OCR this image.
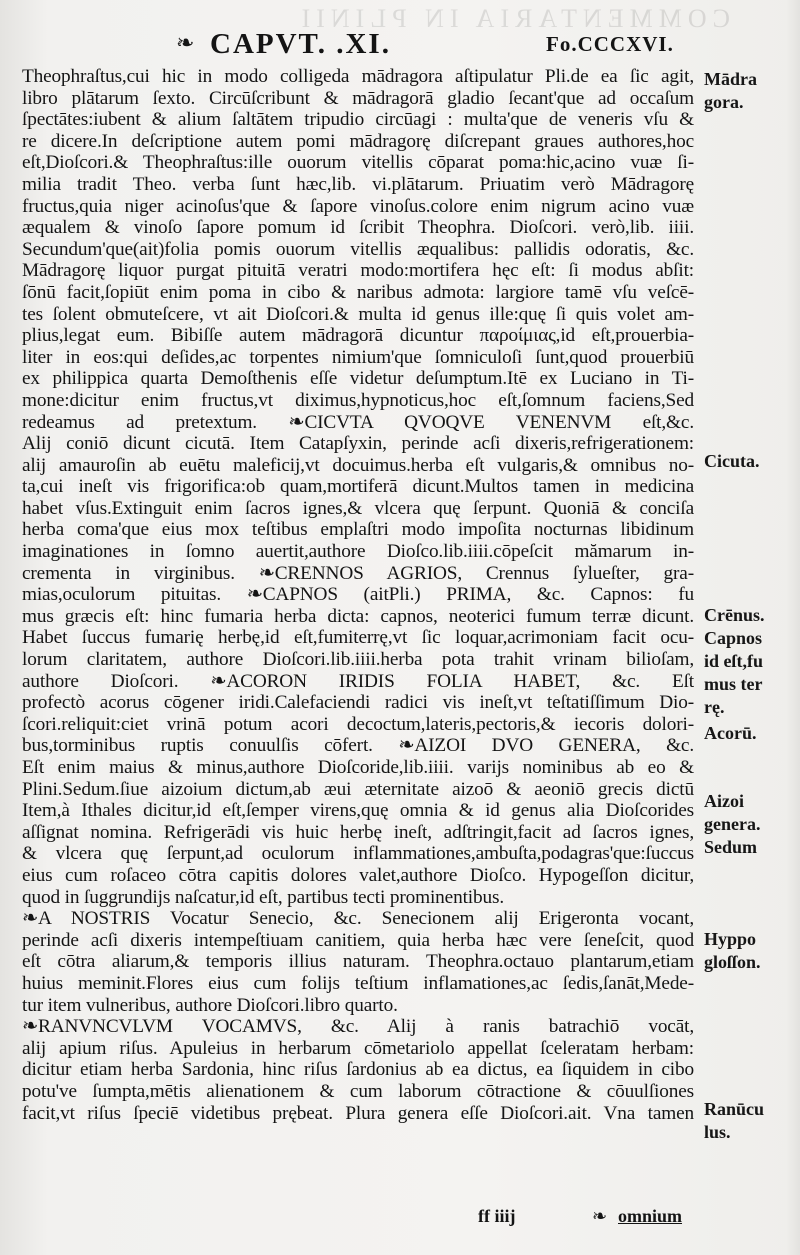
COMMENTARIA IN PLINII
❧ CAPVT. .XI.	Fo.CCCXVI.
Theophraſtus,cui hic in modo colligeda mādragora aſtipulatur Pli.de ea ſic agit,
libro plātarum ſexto. Circūſcribunt & mādragorā gladio ſecant'que ad occaſum
ſpectātes:iubent & alium ſaltātem tripudio circūagi : multa'que de veneris vſu &
re dicere.In deſcriptione autem pomi mādragorę diſcrepant graues authores,hoc
eſt,Dioſcori.& Theophraſtus:ille ouorum vitellis cōparat poma:hic,acino vuæ ſi-
milia tradit Theo. verba ſunt hæc,lib. vi.plātarum. Priuatim verò Mādragorę
fructus,quia niger acinoſus'que & ſapore vinoſus.colore enim nigrum acino vuæ
æqualem & vinoſo ſapore pomum id ſcribit Theophra. Dioſcori. verò,lib. iiii.
Secundum'que(ait)folia pomis ouorum vitellis æqualibus: pallidis odoratis, &c.
Mādragorę liquor purgat pituitā veratri modo:mortifera hęc eſt: ſi modus abſit:
ſōnū facit,ſopiūt enim poma in cibo & naribus admota: largiore tamē vſu veſcē-
tes ſolent obmuteſcere, vt ait Dioſcori.& multa id genus ille:quę ſi quis volet am-
plius,legat eum. Bibiſſe autem mādragorā dicuntur παροίμιας,id eſt,prouerbia-
liter in eos:qui deſides,ac torpentes nimium'que ſomniculoſi ſunt,quod prouerbiū
ex philippica quarta Demoſthenis eſſe videtur deſumptum.Itē ex Luciano in Ti-
mone:dicitur enim fructus,vt diximus,hypnoticus,hoc eſt,ſomnum faciens,Sed
redeamus ad pretextum. ❧CICVTA QVOQVE VENENVM eſt,&c.
Alij coniō dicunt cicutā. Item Catapſyxin, perinde acſi dixeris,refrigerationem:
alij amauroſin ab euētu maleficij,vt docuimus.herba eſt vulgaris,& omnibus no-
ta,cui ineſt vis frigorifica:ob quam,mortiferā dicunt.Multos tamen in medicina
habet vſus.Extinguit enim ſacros ignes,& vlcera quę ſerpunt. Quoniā & conciſa
herba coma'que eius mox teſtibus emplaſtri modo impoſita nocturnas libidinum
imaginationes in ſomno auertit,authore Dioſco.lib.iiii.cōpeſcit mămarum in-
crementa in virginibus. ❧CRENNOS AGRIOS, Crennus ſylueſter, gra-
mias,oculorum pituitas. ❧CAPNOS (aitPli.) PRIMA, &c. Capnos: fu
mus græcis eſt: hinc fumaria herba dicta: capnos, neoterici fumum terræ dicunt.
Habet ſuccus fumarię herbę,id eſt,fumiterrę,vt ſic loquar,acrimoniam facit ocu-
lorum claritatem, authore Dioſcori.lib.iiii.herba pota trahit vrinam bilioſam,
authore Dioſcori. ❧ACORON IRIDIS FOLIA HABET, &c. Eſt
profectò acorus cōgener iridi.Calefaciendi radici vis ineſt,vt teſtatiſſimum Dio-
ſcori.reliquit:ciet vrinā potum acori decoctum,lateris,pectoris,& iecoris dolori-
bus,torminibus ruptis conuulſis cōfert. ❧AIZOI DVO GENERA, &c.
Eſt enim maius & minus,authore Dioſcoride,lib.iiii. varijs nominibus ab eo &
Plini.Sedum.ſiue aizoium dictum,ab æui æternitate aizoō & aeoniō grecis dictū
Item,à Ithales dicitur,id eſt,ſemper virens,quę omnia & id genus alia Dioſcorides
aſſignat nomina. Refrigerādi vis huic herbę ineſt, adſtringit,facit ad ſacros ignes,
& vlcera quę ſerpunt,ad oculorum inflammationes,ambuſta,podagras'que:ſuccus
eius cum roſaceo cōtra capitis dolores valet,authore Dioſco. Hypogeſſon dicitur,
quod in ſuggrundijs naſcatur,id eſt, partibus tecti prominentibus.
❧A NOSTRIS Vocatur Senecio, &c. Senecionem alij Erigeronta vocant,
perinde acſi dixeris intempeſtiuam canitiem, quia herba hæc vere ſeneſcit, quod
eſt cōtra aliarum,& temporis illius naturam. Theophra.octauo plantarum,etiam
huius meminit.Flores eius cum folijs teſtium inflamationes,ac ſedis,ſanāt,Mede-
tur item vulneribus, authore Dioſcori.libro quarto.
❧RANVNCVLVM VOCAMVS, &c. Alij à ranis batrachiō vocāt,
alij apium riſus. Apuleius in herbarum cōmetariolo appellat ſceleratam herbam:
dicitur etiam herba Sardonia, hinc riſus ſardonius ab ea dictus, ea ſiquidem in cibo
potu've ſumpta,mētis alienationem & cum laborum cōtractione & cōuulſiones
facit,vt riſus ſpeciē videtibus prębeat. Plura genera eſſe Dioſcori.ait. Vna tamen
Mādra
gora.
Cicuta.
Crēnus.
Capnos
id eſt,fu
mus ter
rę.
Acorū.
Aizoi
genera.
Sedum
Hyppo
gloſſon.
Ranūcu
lus.
ff iiij	❧ omnium
